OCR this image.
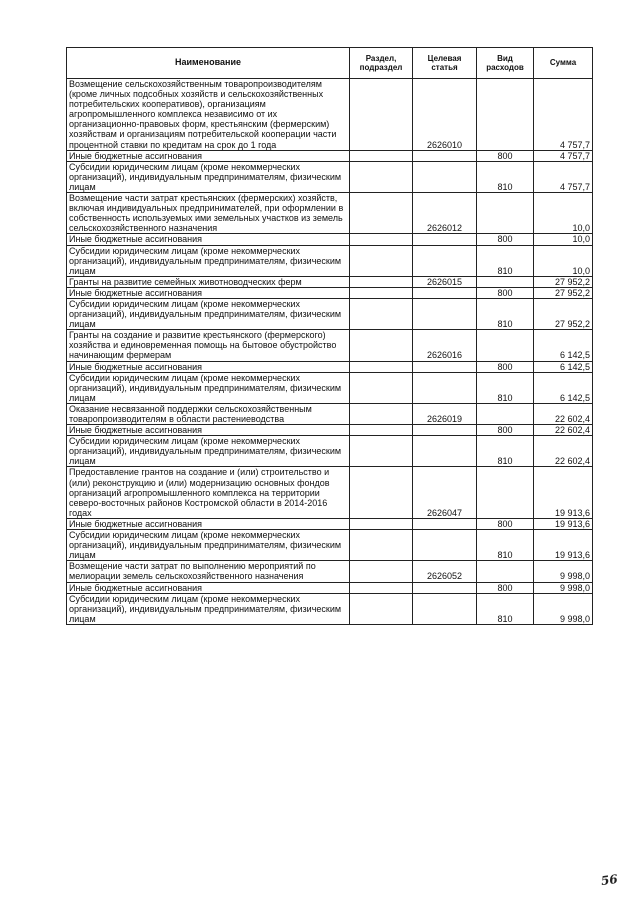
Наименование	Раздел, подраздел	Целевая статья	Вид расходов	Сумма
Возмещение сельскохозяйственным товаропроизводителям (кроме личных подсобных хозяйств и сельскохозяйственных потребительских кооперативов), организациям агропромышленного комплекса независимо от их организационно-правовых форм, крестьянским (фермерским) хозяйствам и организациям потребительской кооперации части процентной ставки по кредитам на срок до 1 года		2626010		4 757,7
Иные бюджетные ассигнования			800	4 757,7
Субсидии юридическим лицам (кроме некоммерческих организаций), индивидуальным предпринимателям, физическим лицам			810	4 757,7
Возмещение части затрат крестьянских (фермерских) хозяйств, включая индивидуальных предпринимателей, при оформлении в собственность используемых ими земельных участков из земель сельскохозяйственного назначения		2626012		10,0
Иные бюджетные ассигнования			800	10,0
Субсидии юридическим лицам (кроме некоммерческих организаций), индивидуальным предпринимателям, физическим лицам			810	10,0
Гранты на развитие семейных животноводческих ферм		2626015		27 952,2
Иные бюджетные ассигнования			800	27 952,2
Субсидии юридическим лицам (кроме некоммерческих организаций), индивидуальным предпринимателям, физическим лицам			810	27 952,2
Гранты на создание и развитие крестьянского (фермерского) хозяйства и единовременная помощь на бытовое обустройство начинающим фермерам		2626016		6 142,5
Иные бюджетные ассигнования			800	6 142,5
Субсидии юридическим лицам (кроме некоммерческих организаций), индивидуальным предпринимателям, физическим лицам			810	6 142,5
Оказание несвязанной поддержки сельскохозяйственным товаропроизводителям в области растениеводства		2626019		22 602,4
Иные бюджетные ассигнования			800	22 602,4
Субсидии юридическим лицам (кроме некоммерческих организаций), индивидуальным предпринимателям, физическим лицам			810	22 602,4
Предоставление грантов на создание и (или) строительство и (или) реконструкцию и (или) модернизацию основных фондов организаций агропромышленного комплекса на территории северо-восточных районов Костромской области в 2014-2016 годах		2626047		19 913,6
Иные бюджетные ассигнования			800	19 913,6
Субсидии юридическим лицам (кроме некоммерческих организаций), индивидуальным предпринимателям, физическим лицам			810	19 913,6
Возмещение части затрат по выполнению мероприятий по мелиорации земель сельскохозяйственного назначения		2626052		9 998,0
Иные бюджетные ассигнования			800	9 998,0
Субсидии юридическим лицам (кроме некоммерческих организаций), индивидуальным предпринимателям, физическим лицам			810	9 998,0
56
